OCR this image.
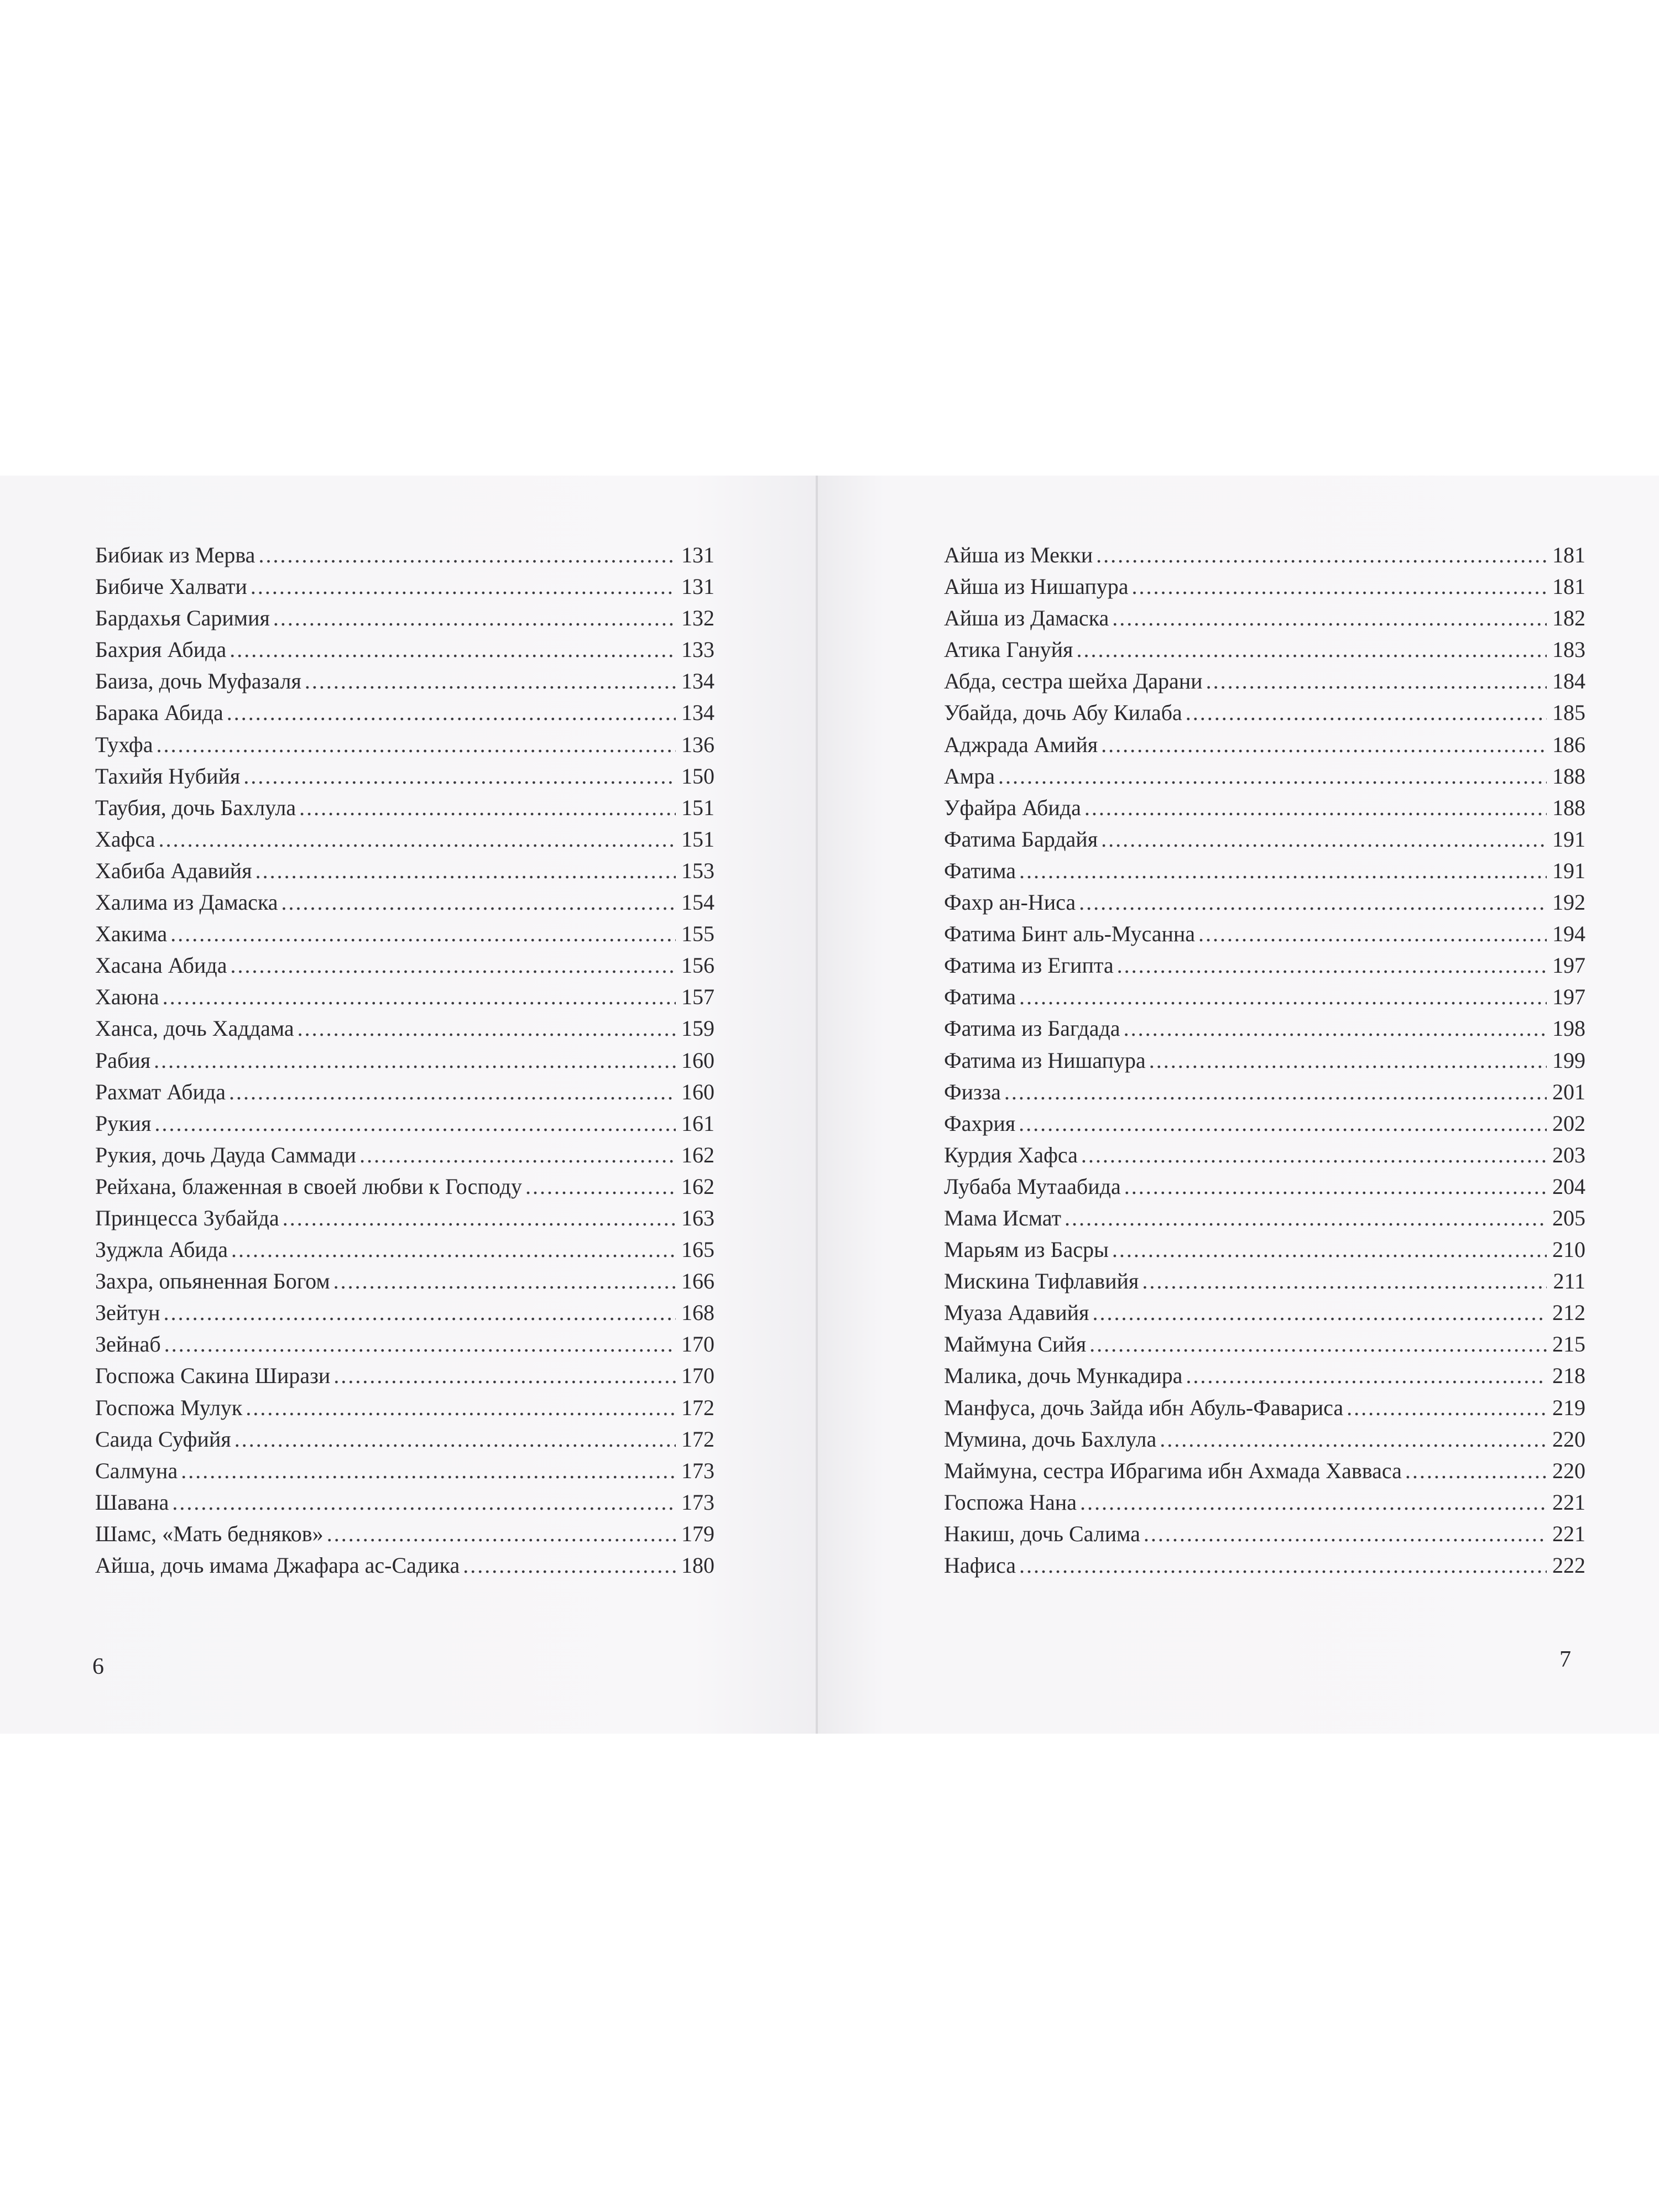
Бибиак из Мерва .....	131
Бибиче Халвати .....	131
Бардахья Саримия .....	132
Бахрия Абида .....	133
Баиза, дочь Муфазаля .....	134
Барака Абида .....	134
Тухфа .....	136
Тахийя Нубийя .....	150
Таубия, дочь Бахлула .....	151
Хафса .....	151
Хабиба Адавийя .....	153
Халима из Дамаска .....	154
Хакима .....	155
Хасана Абида .....	156
Хаюна .....	157
Ханса, дочь Хаддама .....	159
Рабия .....	160
Рахмат Абида .....	160
Рукия .....	161
Рукия, дочь Дауда Саммади .....	162
Рейхана, блаженная в своей любви к Господу .....	162
Принцесса Зубайда .....	163
Зуджла Абида .....	165
Захра, опьяненная Богом .....	166
Зейтун .....	168
Зейнаб .....	170
Госпожа Сакина Ширази .....	170
Госпожа Мулук .....	172
Саида Суфийя .....	172
Салмуна .....	173
Шавана .....	173
Шамс, «Мать бедняков» .....	179
Айша, дочь имама Джафара ас-Садика .....	180
Айша из Мекки .....	181
Айша из Нишапура .....	181
Айша из Дамаска .....	182
Атика Гануйя .....	183
Абда, сестра шейха Дарани .....	184
Убайда, дочь Абу Килаба .....	185
Аджрада Амийя .....	186
Амра .....	188
Уфайра Абида .....	188
Фатима Бардайя .....	191
Фатима .....	191
Фахр ан-Ниса .....	192
Фатима Бинт аль-Мусанна .....	194
Фатима из Египта .....	197
Фатима .....	197
Фатима из Багдада .....	198
Фатима из Нишапура .....	199
Физза .....	201
Фахрия .....	202
Курдия Хафса .....	203
Лубаба Мутаабида .....	204
Мама Исмат .....	205
Марьям из Басры .....	210
Мискина Тифлавийя .....	211
Муаза Адавийя .....	212
Маймуна Сийя .....	215
Малика, дочь Мункадира .....	218
Манфуса, дочь Зайда ибн Абуль-Фавариса .....	219
Мумина, дочь Бахлула .....	220
Маймуна, сестра Ибрагима ибн Ахмада Хавваса .....	220
Госпожа Нана .....	221
Накиш, дочь Салима .....	221
Нафиса .....	222
6	7
